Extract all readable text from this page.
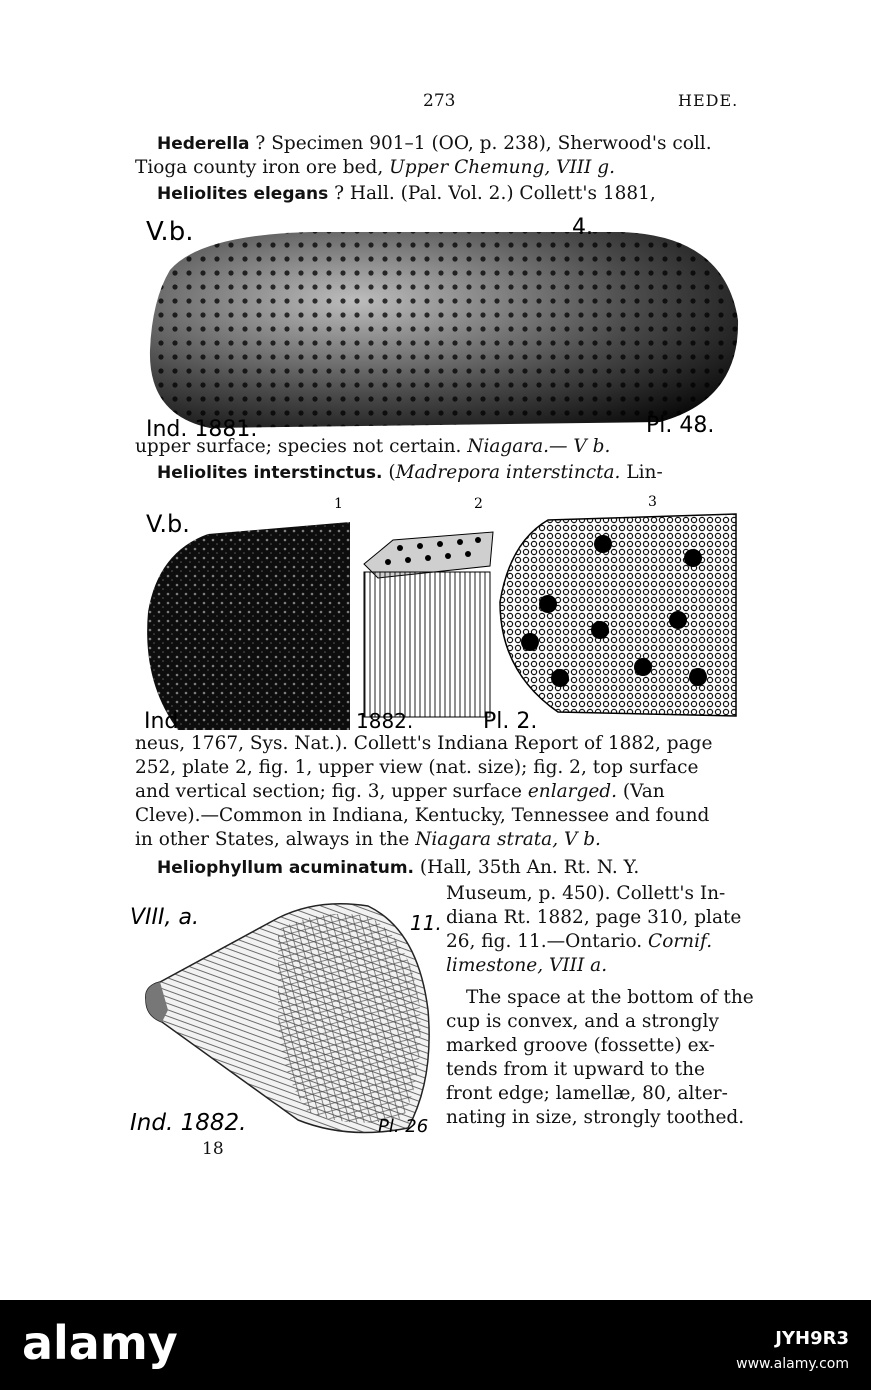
273	HEDE.
Hederella ? Specimen 901–1 (OO, p. 238), Sherwood's coll.
Tioga county iron ore bed, Upper Chemung, VIII g.
Heliolites elegans ? Hall. (Pal. Vol. 2.) Collett's 1881,
V.b.	4.
Ind. 1881.	Pl. 48.
upper surface; species not certain. Niagara.— V b.
Heliolites interstinctus. (Madrepora interstincta. Lin-
V.b.
1	2	3
Ind	1882.	Pl. 2.
neus, 1767, Sys. Nat.). Collett's Indiana Report of 1882, page
252, plate 2, fig. 1, upper view (nat. size); fig. 2, top surface
and vertical section; fig. 3, upper surface enlarged. (Van
Cleve).—Common in Indiana, Kentucky, Tennessee and found
in other States, always in the Niagara strata, V b.
Heliophyllum acuminatum. (Hall, 35th An. Rt. N. Y.
VIII, a.	11.
Ind. 1882.	Pl. 26
Museum, p. 450). Collett's In-
diana Rt. 1882, page 310, plate
26, fig. 11.—Ontario. Cornif.
limestone, VIII a.
The space at the bottom of the
cup is convex, and a strongly
marked groove (fossette) ex-
tends from it upward to the
front edge; lamellæ, 80, alter-
nating in size, strongly toothed.
18
alamy	JYH9R3
www.alamy.com
